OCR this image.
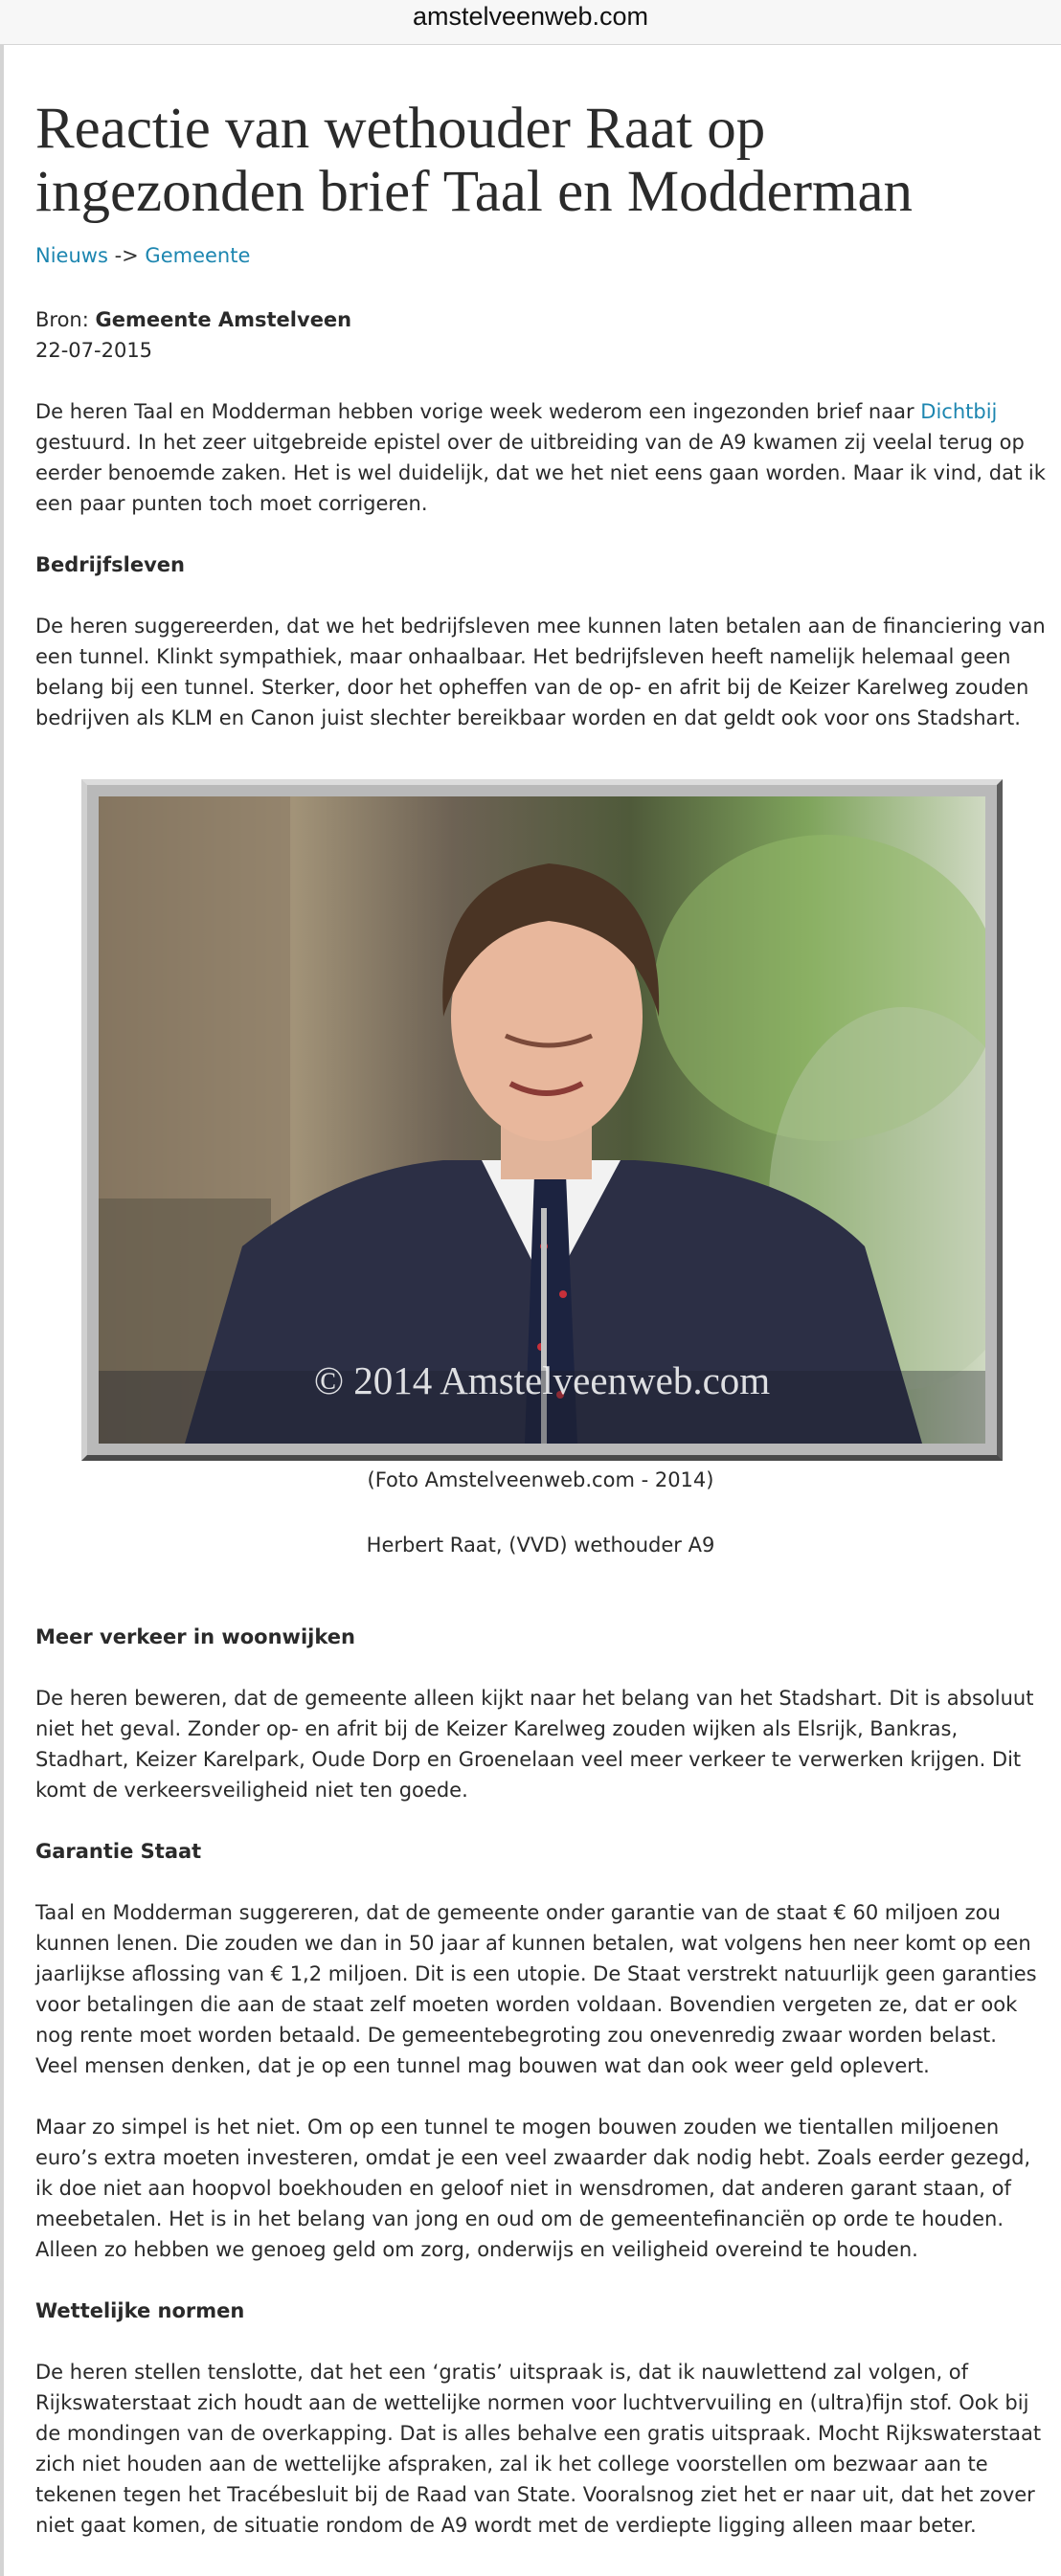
amstelveenweb.com
Reactie van wethouder Raat op ingezonden brief Taal en Modderman
Nieuws -> Gemeente
Bron: Gemeente Amstelveen
22-07-2015

De heren Taal en Modderman hebben vorige week wederom een ingezonden brief naar Dichtbij gestuurd. In het zeer uitgebreide epistel over de uitbreiding van de A9 kwamen zij veelal terug op eerder benoemde zaken. Het is wel duidelijk, dat we het niet eens gaan worden. Maar ik vind, dat ik een paar punten toch moet corrigeren.

Bedrijfsleven

De heren suggereerden, dat we het bedrijfsleven mee kunnen laten betalen aan de financiering van een tunnel. Klinkt sympathiek, maar onhaalbaar. Het bedrijfsleven heeft namelijk helemaal geen belang bij een tunnel. Sterker, door het opheffen van de op- en afrit bij de Keizer Karelweg zouden bedrijven als KLM en Canon juist slechter bereikbaar worden en dat geldt ook voor ons Stadshart.

© 2014 Amstelveenweb.com
(Foto Amstelveenweb.com - 2014)
Herbert Raat, (VVD) wethouder A9
Meer verkeer in woonwijken

De heren beweren, dat de gemeente alleen kijkt naar het belang van het Stadshart. Dit is absoluut niet het geval. Zonder op- en afrit bij de Keizer Karelweg zouden wijken als Elsrijk, Bankras, Stadhart, Keizer Karelpark, Oude Dorp en Groenelaan veel meer verkeer te verwerken krijgen. Dit komt de verkeersveiligheid niet ten goede.

Garantie Staat

Taal en Modderman suggereren, dat de gemeente onder garantie van de staat € 60 miljoen zou kunnen lenen. Die zouden we dan in 50 jaar af kunnen betalen, wat volgens hen neer komt op een jaarlijkse aflossing van € 1,2 miljoen. Dit is een utopie. De Staat verstrekt natuurlijk geen garanties voor betalingen die aan de staat zelf moeten worden voldaan. Bovendien vergeten ze, dat er ook nog rente moet worden betaald. De gemeentebegroting zou onevenredig zwaar worden belast. Veel mensen denken, dat je op een tunnel mag bouwen wat dan ook weer geld oplevert.

Maar zo simpel is het niet. Om op een tunnel te mogen bouwen zouden we tientallen miljoenen euro’s extra moeten investeren, omdat je een veel zwaarder dak nodig hebt. Zoals eerder gezegd, ik doe niet aan hoopvol boekhouden en geloof niet in wensdromen, dat anderen garant staan, of meebetalen. Het is in het belang van jong en oud om de gemeentefinanciën op orde te houden. Alleen zo hebben we genoeg geld om zorg, onderwijs en veiligheid overeind te houden.

Wettelijke normen

De heren stellen tenslotte, dat het een ‘gratis’ uitspraak is, dat ik nauwlettend zal volgen, of Rijkswaterstaat zich houdt aan de wettelijke normen voor luchtvervuiling en (ultra)fijn stof. Ook bij de mondingen van de overkapping. Dat is alles behalve een gratis uitspraak. Mocht Rijkswaterstaat zich niet houden aan de wettelijke afspraken, zal ik het college voorstellen om bezwaar aan te tekenen tegen het Tracébesluit bij de Raad van State. Vooralsnog ziet het er naar uit, dat het zover niet gaat komen, de situatie rondom de A9 wordt met de verdiepte ligging alleen maar beter.
